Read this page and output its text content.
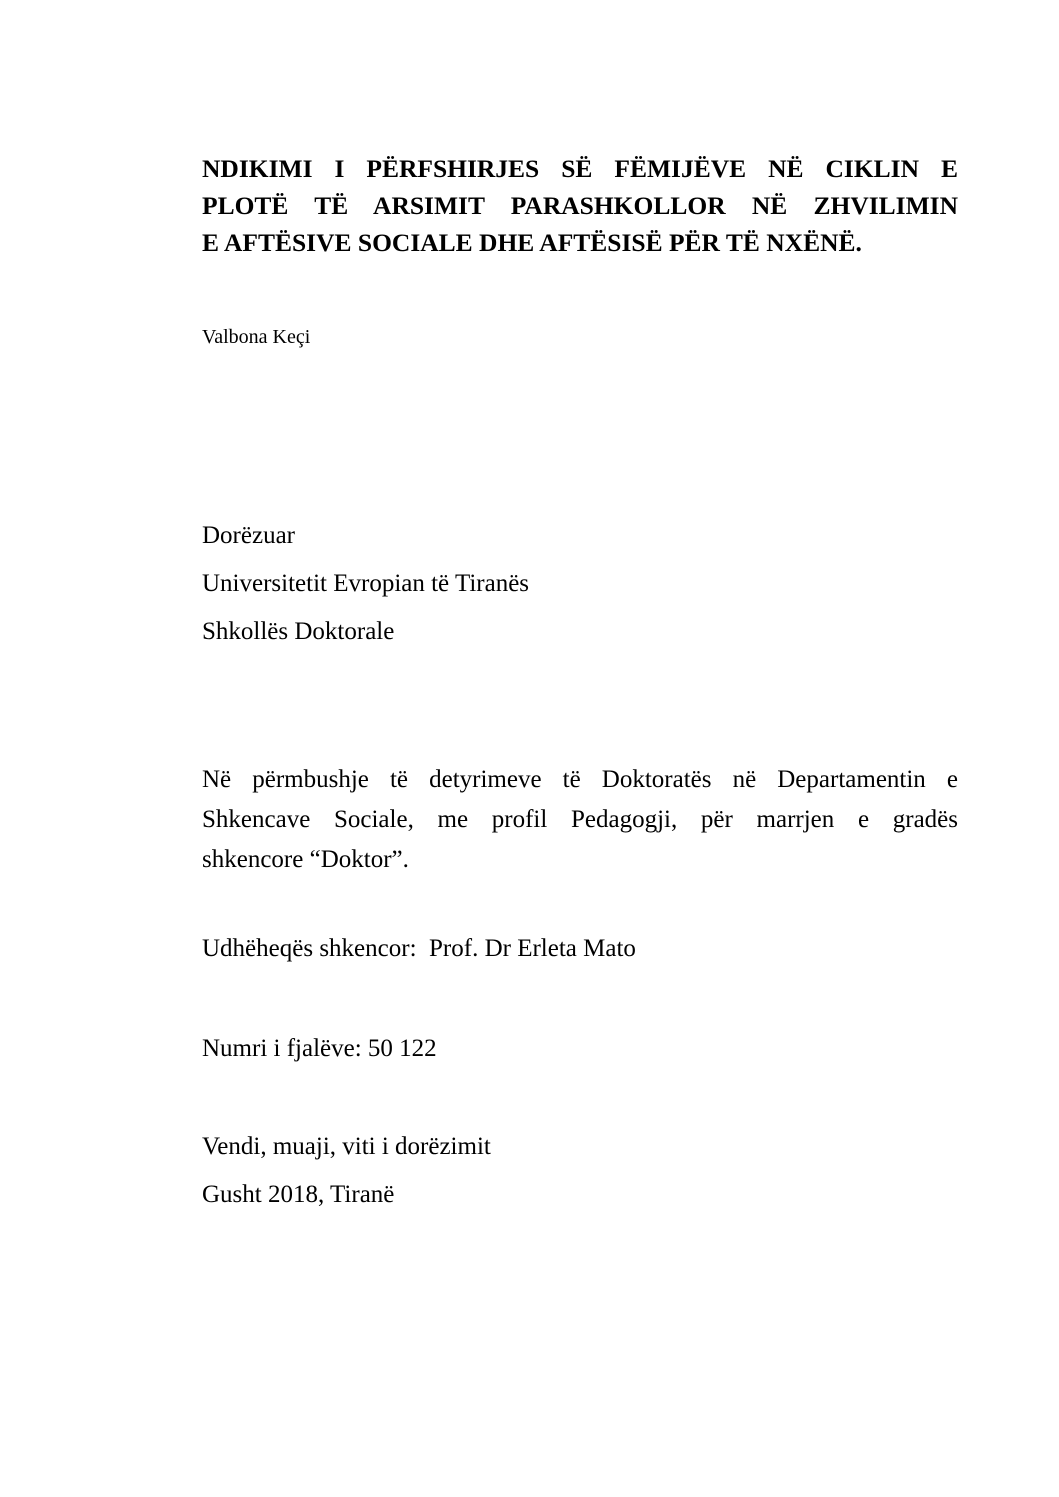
NDIKIMI I PËRFSHIRJES SË FËMIJËVE NË CIKLIN E
PLOTË TË ARSIMIT PARASHKOLLOR NË ZHVILIMIN
E AFTËSIVE SOCIALE DHE AFTËSISË PËR TË NXËNË.
Valbona Keçi

Dorëzuar

Universitetit Evropian të Tiranës

Shkollës Doktorale

Në përmbushje të detyrimeve të Doktoratës në Departamentin e
Shkencave Sociale, me profil Pedagogji, për marrjen e gradës
shkencore “Doktor”.

Udhëheqës shkencor:  Prof. Dr Erleta Mato

Numri i fjalëve: 50 122

Vendi, muaji, viti i dorëzimit

Gusht 2018, Tiranë
